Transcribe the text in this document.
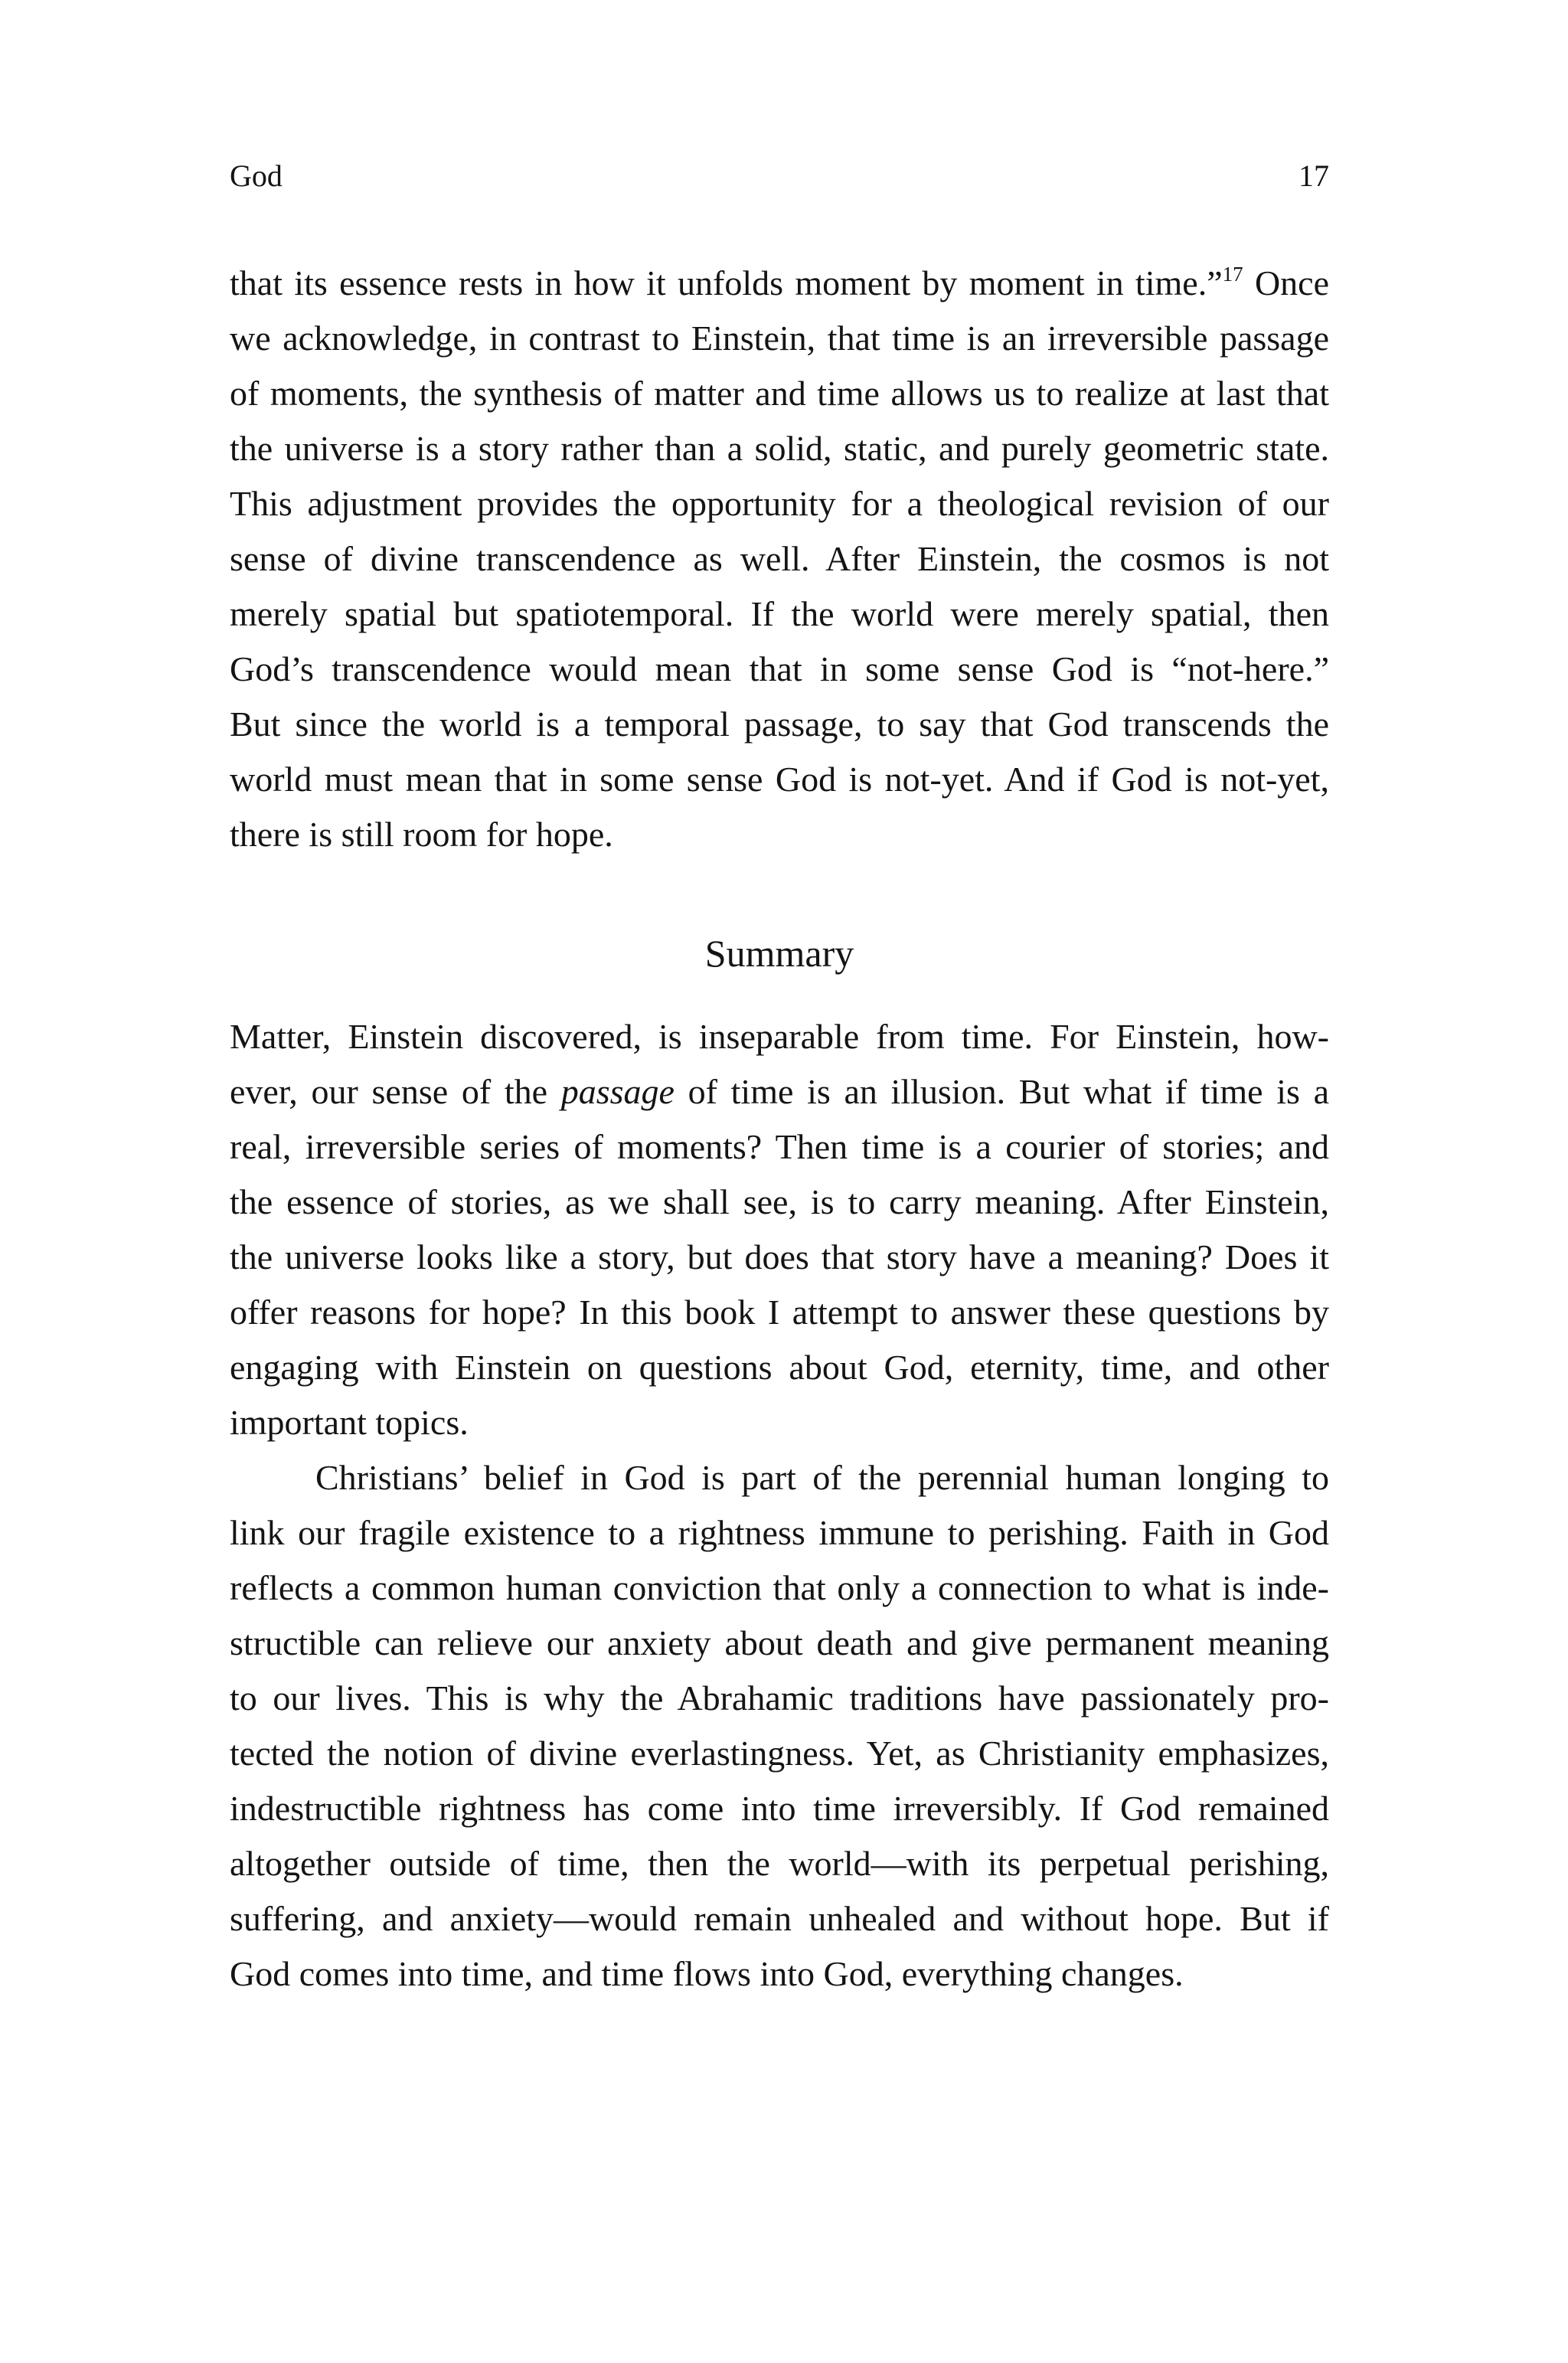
God	17
that its essence rests in how it unfolds moment by moment in time.”$^{17}$ Once
we acknowledge, in contrast to Einstein, that time is an irreversible passage
of moments, the synthesis of matter and time allows us to realize at last that
the universe is a story rather than a solid, static, and purely geometric state.
This adjustment provides the opportunity for a theological revision of our
sense of divine transcendence as well. After Einstein, the cosmos is not
merely spatial but spatiotemporal. If the world were merely spatial, then
God’s transcendence would mean that in some sense God is “not-here.”
But since the world is a temporal passage, to say that God transcends the
world must mean that in some sense God is not-yet. And if God is not-yet,
there is still room for hope.
Summary
Matter, Einstein discovered, is inseparable from time. For Einstein, how-
ever, our sense of the passage of time is an illusion. But what if time is a
real, irreversible series of moments? Then time is a courier of stories; and
the essence of stories, as we shall see, is to carry meaning. After Einstein,
the universe looks like a story, but does that story have a meaning? Does it
offer reasons for hope? In this book I attempt to answer these questions by
engaging with Einstein on questions about God, eternity, time, and other
important topics.
Christians’ belief in God is part of the perennial human longing to
link our fragile existence to a rightness immune to perishing. Faith in God
reflects a common human conviction that only a connection to what is inde-
structible can relieve our anxiety about death and give permanent meaning
to our lives. This is why the Abrahamic traditions have passionately pro-
tected the notion of divine everlastingness. Yet, as Christianity emphasizes,
indestructible rightness has come into time irreversibly. If God remained
altogether outside of time, then the world—with its perpetual perishing,
suffering, and anxiety—would remain unhealed and without hope. But if
God comes into time, and time flows into God, everything changes.
